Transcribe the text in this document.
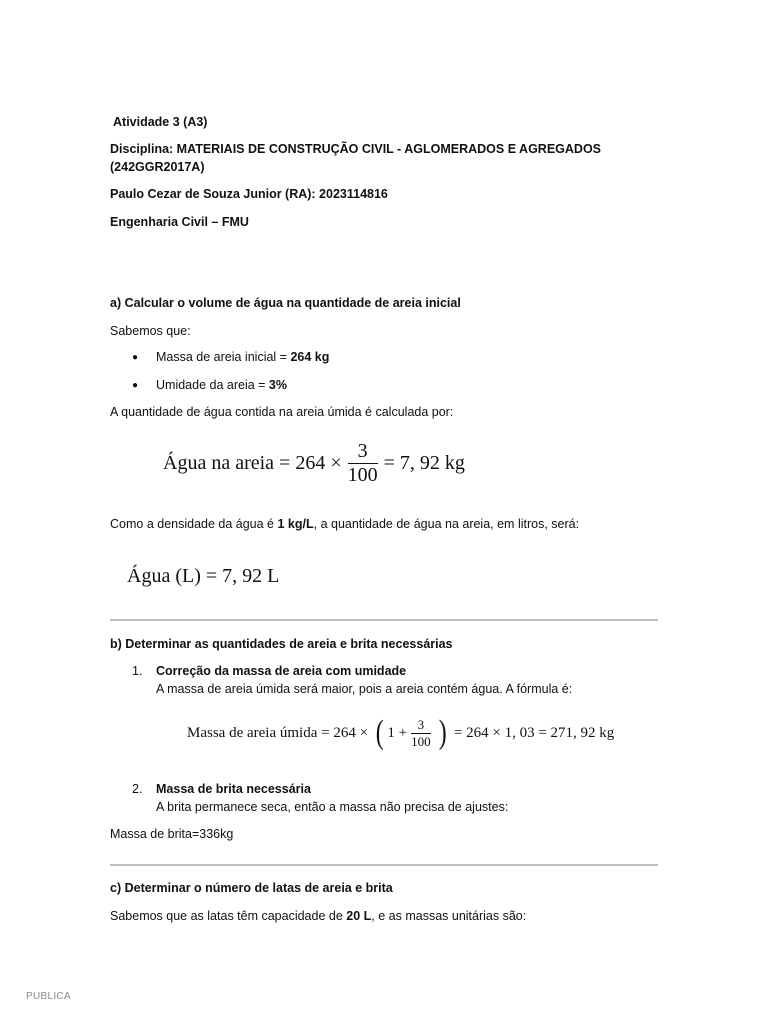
Atividade 3 (A3)
Disciplina: MATERIAIS DE CONSTRUÇÃO CIVIL - AGLOMERADOS E AGREGADOS
(242GGR2017A)
Paulo Cezar de Souza Junior (RA): 2023114816
Engenharia Civil – FMU
a) Calcular o volume de água na quantidade de areia inicial
Sabemos que:
● Massa de areia inicial = 264 kg
● Umidade da areia = 3%
A quantidade de água contida na areia úmida é calculada por:
Água na areia = $264 \times \frac{3}{100} = 7$, 92 kg
Como a densidade da água é 1 kg/L, a quantidade de água na areia, em litros, será:
Água (L) = 7, 92 L
b) Determinar as quantidades de areia e brita necessárias
1. Correção da massa de areia com umidade
A massa de areia úmida será maior, pois a areia contém água. A fórmula é:
Massa de areia úmida = 264 × ( $1 + \frac{3}{100}$ ) = 264 × 1, 03 = 271, 92 kg
2. Massa de brita necessária
A brita permanece seca, então a massa não precisa de ajustes:
Massa de brita=336kg
c) Determinar o número de latas de areia e brita
Sabemos que as latas têm capacidade de 20 L, e as massas unitárias são:
PUBLICA
